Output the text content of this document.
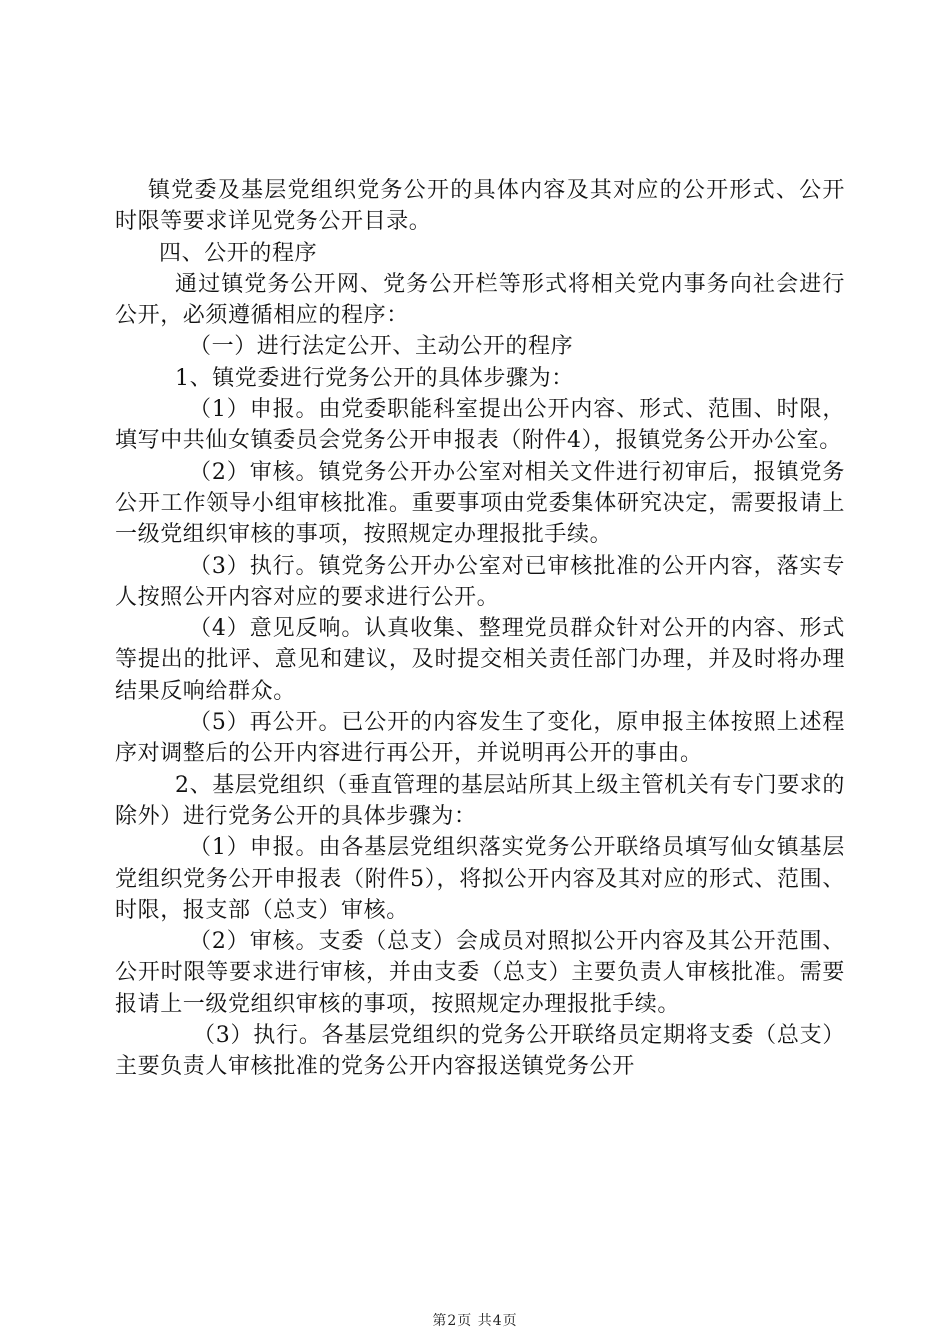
镇党委及基层党组织党务公开的具体内容及其对应的公开形式、公开时限等要求详见党务公开目录。

四、公开的程序

通过镇党务公开网、党务公开栏等形式将相关党内事务向社会进行公开，必须遵循相应的程序：

（一）进行法定公开、主动公开的程序

1、镇党委进行党务公开的具体步骤为：

（1）申报。由党委职能科室提出公开内容、形式、范围、时限，填写中共仙女镇委员会党务公开申报表（附件4），报镇党务公开办公室。

（2）审核。镇党务公开办公室对相关文件进行初审后，报镇党务公开工作领导小组审核批准。重要事项由党委集体研究决定，需要报请上一级党组织审核的事项，按照规定办理报批手续。

（3）执行。镇党务公开办公室对已审核批准的公开内容，落实专人按照公开内容对应的要求进行公开。

（4）意见反响。认真收集、整理党员群众针对公开的内容、形式等提出的批评、意见和建议，及时提交相关责任部门办理，并及时将办理结果反响给群众。

（5）再公开。已公开的内容发生了变化，原申报主体按照上述程序对调整后的公开内容进行再公开，并说明再公开的事由。

2、基层党组织（垂直管理的基层站所其上级主管机关有专门要求的除外）进行党务公开的具体步骤为：

（1）申报。由各基层党组织落实党务公开联络员填写仙女镇基层党组织党务公开申报表（附件5），将拟公开内容及其对应的形式、范围、时限，报支部（总支）审核。

（2）审核。支委（总支）会成员对照拟公开内容及其公开范围、公开时限等要求进行审核，并由支委（总支）主要负责人审核批准。需要报请上一级党组织审核的事项，按照规定办理报批手续。

（3）执行。各基层党组织的党务公开联络员定期将支委（总支）主要负责人审核批准的党务公开内容报送镇党务公开

第2页 共4页
